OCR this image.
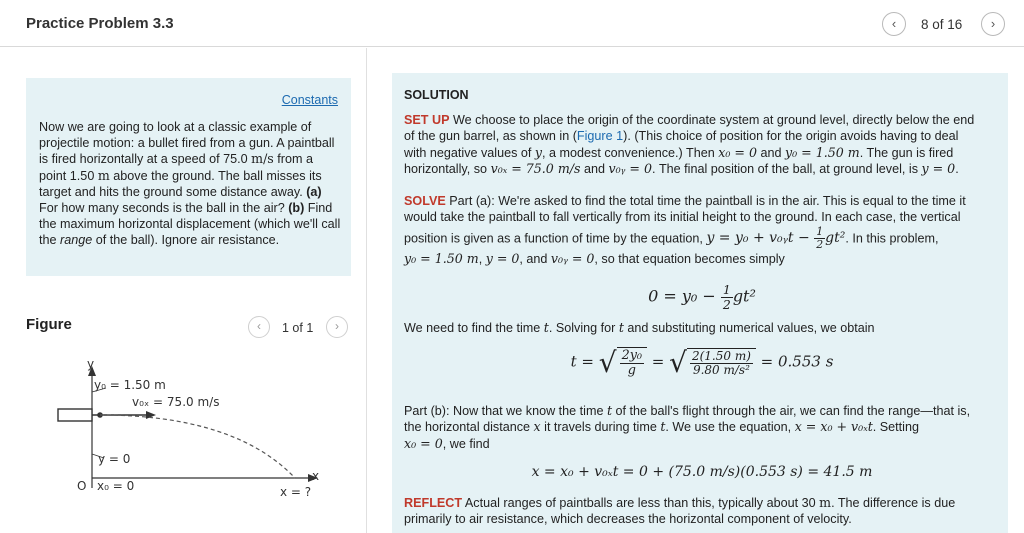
Practice Problem 3.3	‹	8 of 16	›
Constants
Now we are going to look at a classic example of projectile motion: a bullet fired from a gun. A paintball is fired horizontally at a speed of 75.0 m/s from a point 1.50 m above the ground. The ball misses its target and hits the ground some distance away. (a) For how many seconds is the ball in the air? (b) Find the maximum horizontal displacement (which we'll call the range of the ball). Ignore air resistance.
Figure	‹	1 of 1	›
y
x
y₀ = 1.50 m
v₀ₓ = 75.0 m/s
y = 0
O x₀ = 0	x = ?
SOLUTION
SET UP We choose to place the origin of the coordinate system at ground level, directly below the end
of the gun barrel, as shown in (Figure 1). (This choice of position for the origin avoids having to deal
with negative values of y, a modest convenience.) Then x₀ = 0 and y₀ = 1.50 m. The gun is fired
horizontally, so v₀ₓ = 75.0 m/s and v₀ᵧ = 0. The final position of the ball, at ground level, is y = 0.
SOLVE Part (a): We're asked to find the total time the paintball is in the air. This is equal to the time it
would take the paintball to fall vertically from its initial height to the ground. In each case, the vertical
position is given as a function of time by the equation, y = y₀ + v₀ᵧt − $\frac{1}{2} gt^2$. In this problem,
y₀ = 1.50 m, y = 0, and v₀ᵧ = 0, so that equation becomes simply
$0 = y_0 - \frac{1}{2} gt^2$
We need to find the time t. Solving for t and substituting numerical values, we obtain
t = √ $\frac{\text{2y₀}}{g}$ = √ $\frac{2(1.50 m)}{\text{9.80 m/s²}} = 0.553$ s
Part (b): Now that we know the time t of the ball's flight through the air, we can find the range—that is,
the horizontal distance x it travels during time t. We use the equation, x = x₀ + v₀ₓt. Setting
x₀ = 0, we find
x = x₀ + v₀ₓt = 0 + (75.0 m/s)(0.553 s) = 41.5 m
REFLECT Actual ranges of paintballs are less than this, typically about 30 m. The difference is due
primarily to air resistance, which decreases the horizontal component of velocity.
